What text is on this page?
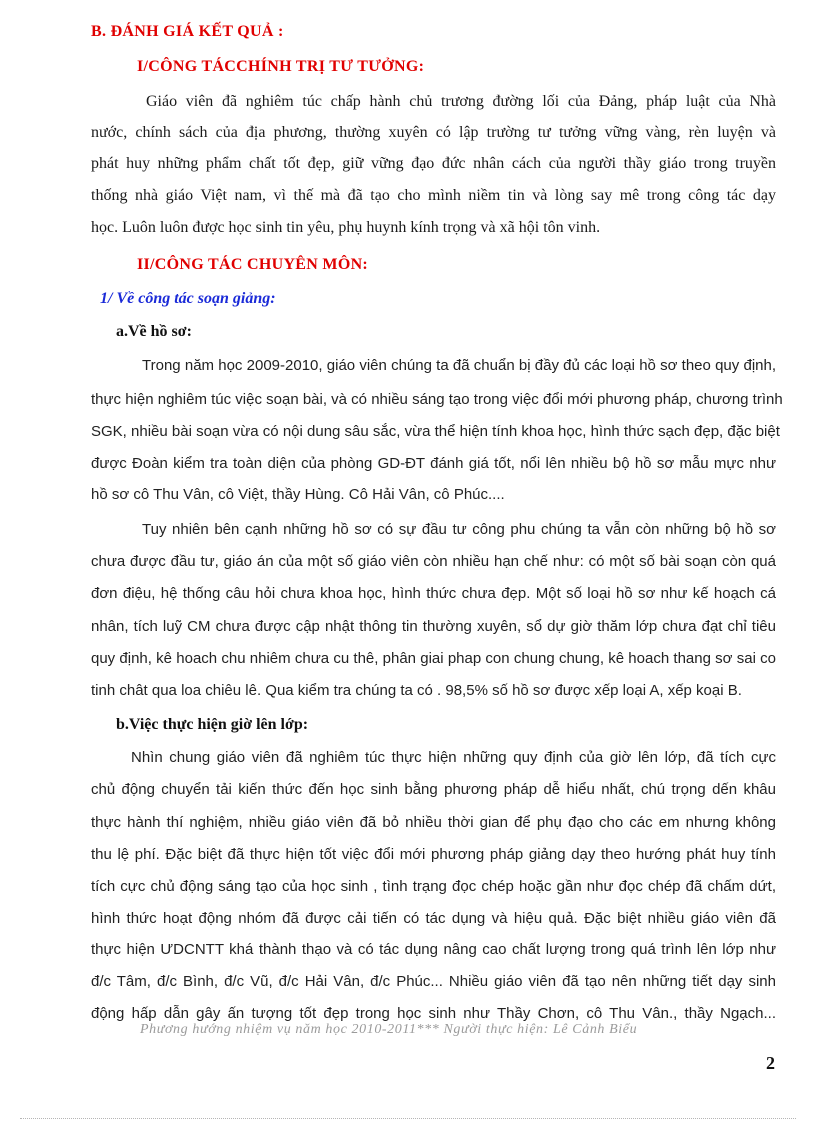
B. ĐÁNH GIÁ KẾT QUẢ :
I/CÔNG TÁCCHÍNH TRỊ TƯ TƯỞNG:
Giáo viên đã nghiêm túc chấp hành chủ trương đường lối của Đảng, pháp luật của Nhà
nước, chính sách của địa phương, thường xuyên có lập trường tư tưởng vững vàng, rèn luyện và
phát huy những phẩm chất tốt đẹp, giữ vững đạo đức nhân cách của người thầy giáo trong truyền
thống nhà giáo Việt nam, vì thế mà đã tạo cho mình niềm tin và lòng say mê trong công tác dạy
học. Luôn luôn được học sinh tin yêu, phụ huynh kính trọng và xã hội tôn vinh.
II/CÔNG TÁC CHUYÊN MÔN:
1/ Về công tác soạn giảng:
a.Về hồ sơ:
Trong năm học 2009-2010, giáo viên chúng ta đã chuẩn bị đầy đủ các loại hồ sơ theo quy định,
thực hiện nghiêm túc việc soạn bài, và có nhiều sáng tạo trong việc đổi mới phương pháp, chương trình
SGK, nhiều bài soạn vừa có nội dung sâu sắc, vừa thể hiện tính khoa học, hình thức sạch đẹp, đặc biệt
được Đoàn kiểm tra toàn diện của phòng GD-ĐT đánh giá tốt, nổi lên nhiều bộ hồ sơ mẫu mực như
hồ sơ cô Thu Vân, cô Việt, thầy Hùng. Cô Hải Vân, cô Phúc....
Tuy nhiên bên cạnh những hồ sơ có sự đầu tư công phu chúng ta vẫn còn những bộ hồ sơ
chưa được đầu tư, giáo án của một số giáo viên còn nhiều hạn chế như: có một số bài soạn còn quá
đơn điệu, hệ thống câu hỏi chưa khoa học, hình thức chưa đẹp. Một số loại hồ sơ như kế hoạch cá
nhân, tích luỹ CM chưa được cập nhật thông tin thường xuyên, sổ dự giờ thăm lớp chưa đạt chỉ tiêu
quy định, kê hoach chu nhiêm chưa cu thê, phân giai phap con chung chung, kê hoach thang sơ sai co
tinh chât qua loa chiêu lê. Qua kiểm tra chúng ta có . 98,5% số hồ sơ được xếp loại A, xếp koại B.
b.Việc thực hiện giờ lên lớp:
Nhìn chung giáo viên đã nghiêm túc thực hiện những quy định của giờ lên lớp, đã tích cực
chủ động chuyển tải kiến thức đến học sinh bằng phương pháp dễ hiểu nhất, chú trọng dến khâu
thực hành thí nghiệm, nhiều giáo viên đã bỏ nhiều thời gian để phụ đạo cho các em nhưng không
thu lệ phí. Đặc biệt đã thực hiện tốt việc đổi mới phương pháp giảng dạy theo hướng phát huy tính
tích cực chủ động sáng tạo của học sinh , tình trạng đọc chép hoặc gần như đọc chép đã chấm dứt,
hình thức hoạt động nhóm đã được cải tiến có tác dụng và hiệu quả. Đặc biệt nhiều giáo viên đã
thực hiện ƯDCNTT khá thành thạo và có tác dụng nâng cao chất lượng trong quá trình lên lớp như
đ/c Tâm, đ/c Bình, đ/c Vũ, đ/c Hải Vân, đ/c Phúc... Nhiều giáo viên đã tạo nên những tiết dạy sinh
động hấp dẫn gây ấn tượng tốt đẹp trong học sinh như Thầy Chơn, cô Thu Vân., thầy Ngạch...
Phương hướng nhiệm vụ năm học 2010-2011*** Người thực hiện: Lê Cảnh Biểu
2
